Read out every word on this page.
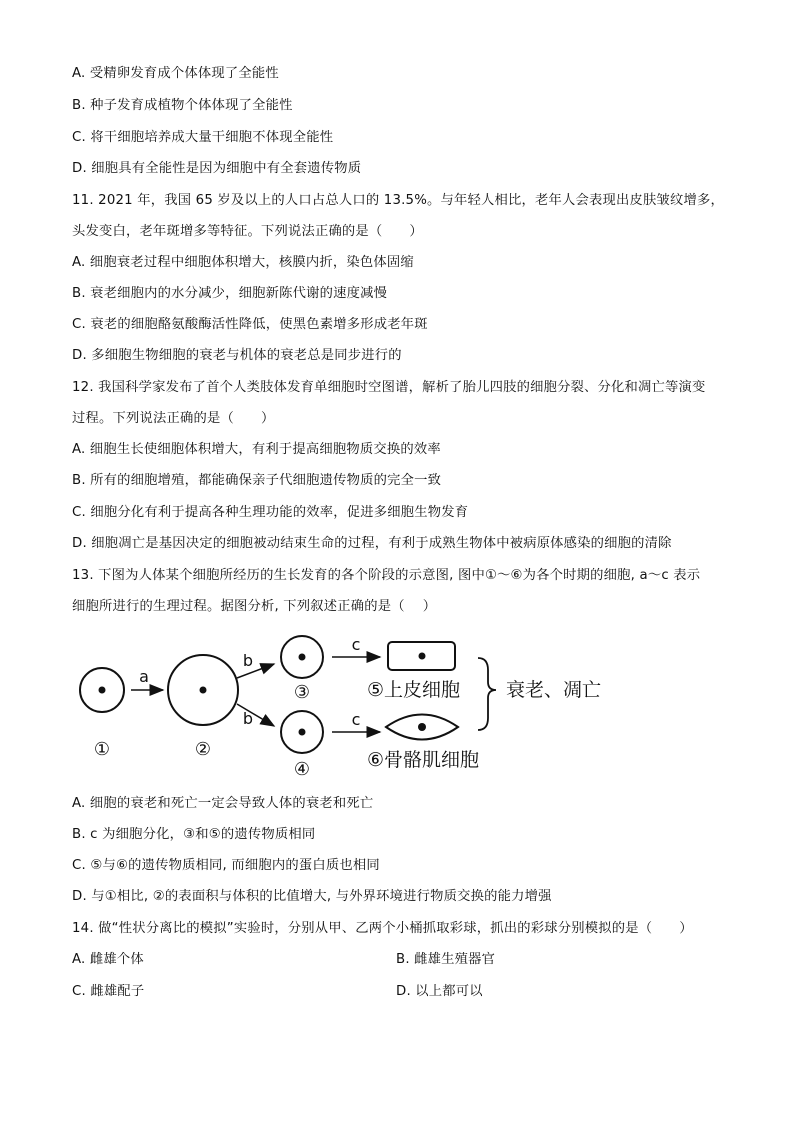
A. 受精卵发育成个体体现了全能性
B. 种子发育成植物个体体现了全能性
C. 将干细胞培养成大量干细胞不体现全能性
D. 细胞具有全能性是因为细胞中有全套遗传物质
11. 2021 年，我国 65 岁及以上的人口占总人口的 13.5%。与年轻人相比，老年人会表现出皮肤皱纹增多，
头发变白，老年斑增多等特征。下列说法正确的是（　　）
A. 细胞衰老过程中细胞体积增大，核膜内折，染色体固缩
B. 衰老细胞内的水分减少，细胞新陈代谢的速度减慢
C. 衰老的细胞酪氨酸酶活性降低，使黑色素增多形成老年斑
D. 多细胞生物细胞的衰老与机体的衰老总是同步进行的
12. 我国科学家发布了首个人类肢体发育单细胞时空图谱，解析了胎儿四肢的细胞分裂、分化和凋亡等演变
过程。下列说法正确的是（　　）
A. 细胞生长使细胞体积增大，有利于提高细胞物质交换的效率
B. 所有的细胞增殖，都能确保亲子代细胞遗传物质的完全一致
C. 细胞分化有利于提高各种生理功能的效率，促进多细胞生物发育
D. 细胞凋亡是基因决定的细胞被动结束生命的过程，有利于成熟生物体中被病原体感染的细胞的清除
13. 下图为人体某个细胞所经历的生长发育的各个阶段的示意图, 图中①～⑥为各个时期的细胞, a～c 表示
细胞所进行的生理过程。据图分析, 下列叙述正确的是（　 ）
①
a
②
b
b
③
④
c
c
⑤上皮细胞
⑥骨骼肌细胞
衰老、凋亡
A. 细胞的衰老和死亡一定会导致人体的衰老和死亡
B. c 为细胞分化，③和⑤的遗传物质相同
C. ⑤与⑥的遗传物质相同, 而细胞内的蛋白质也相同
D. 与①相比, ②的表面积与体积的比值增大, 与外界环境进行物质交换的能力增强
14. 做“性状分离比的模拟”实验时，分别从甲、乙两个小桶抓取彩球，抓出的彩球分别模拟的是（　　）
A. 雌雄个体	B. 雌雄生殖器官
C. 雌雄配子	D. 以上都可以
